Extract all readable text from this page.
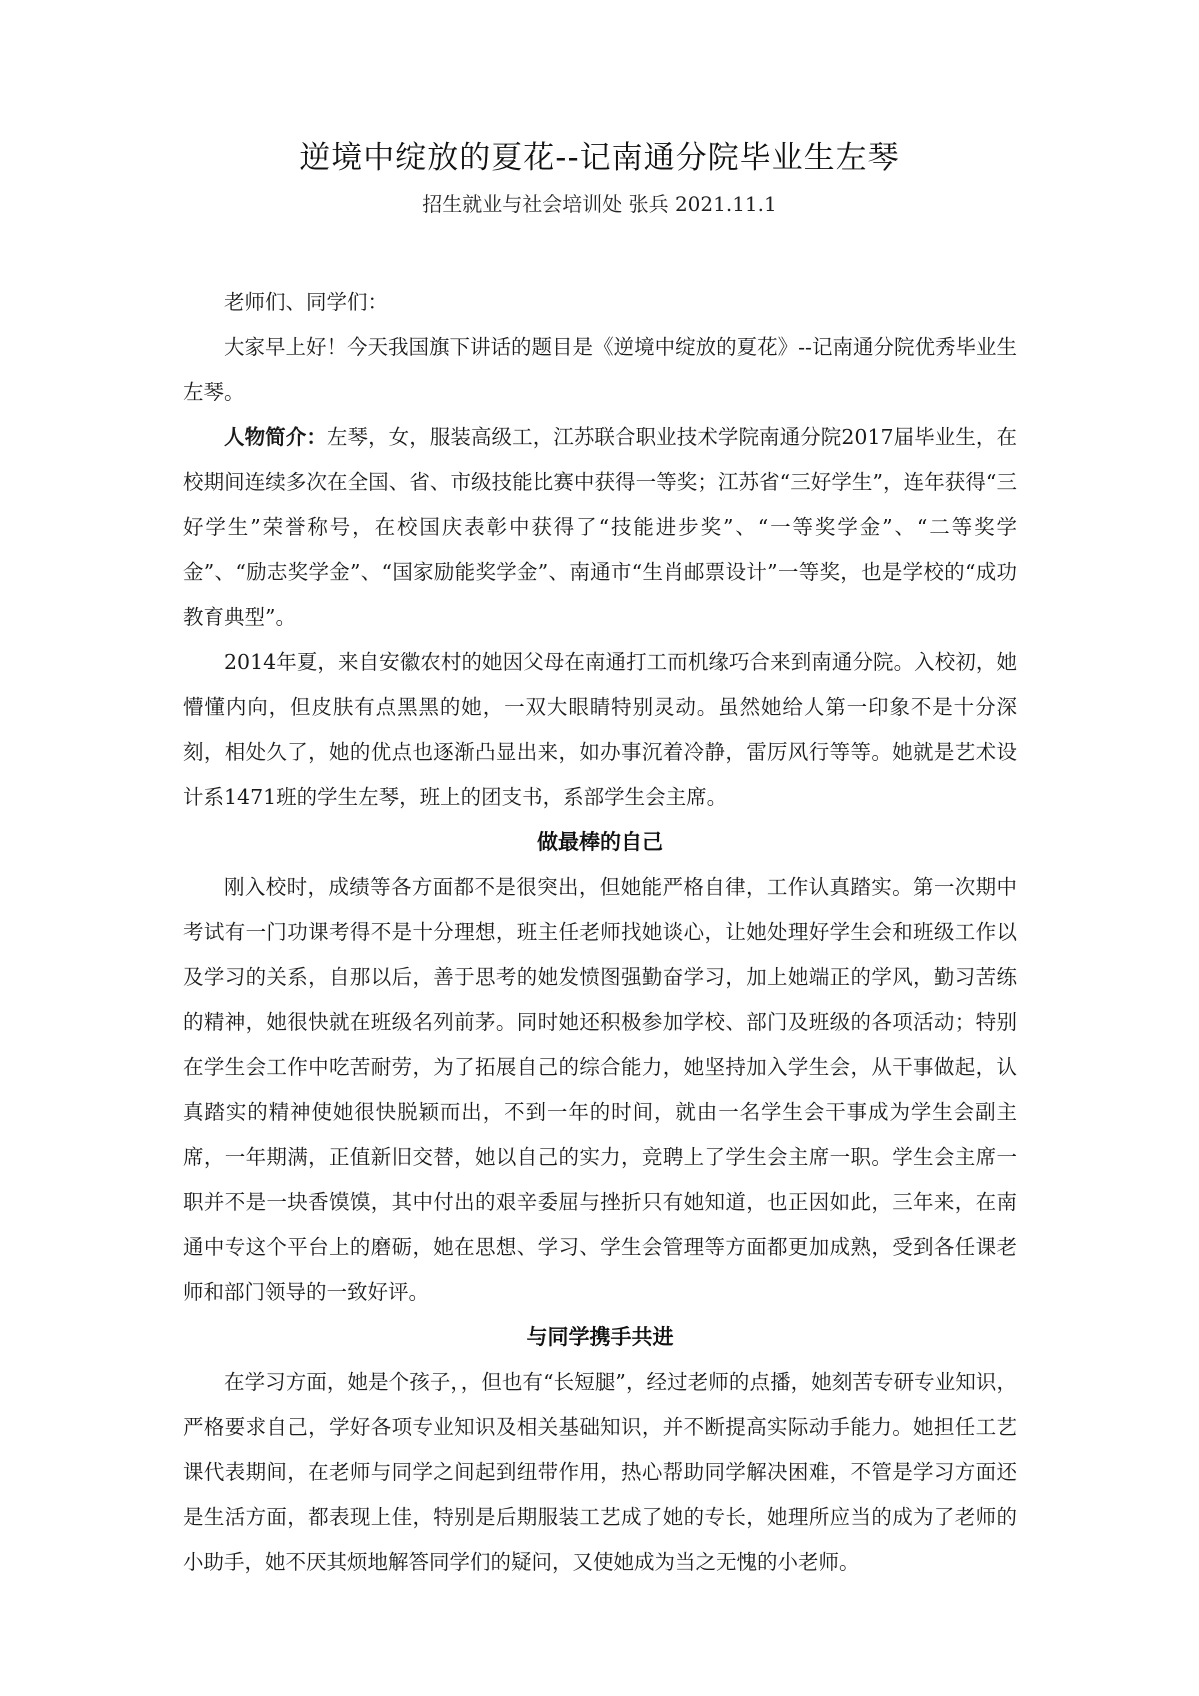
逆境中绽放的夏花--记南通分院毕业生左琴
招生就业与社会培训处 张兵 2021.11.1

老师们、同学们：

大家早上好！今天我国旗下讲话的题目是《逆境中绽放的夏花》--记南通分院优秀毕业生左琴。

人物简介：左琴，女，服装高级工，江苏联合职业技术学院南通分院2017届毕业生，在校期间连续多次在全国、省、市级技能比赛中获得一等奖；江苏省“三好学生”，连年获得“三好学生”荣誉称号，在校国庆表彰中获得了“技能进步奖”、“一等奖学金”、“二等奖学金”、“励志奖学金”、“国家励能奖学金”、南通市“生肖邮票设计”一等奖，也是学校的“成功教育典型”。

2014年夏，来自安徽农村的她因父母在南通打工而机缘巧合来到南通分院。入校初，她懵懂内向，但皮肤有点黑黑的她，一双大眼睛特别灵动。虽然她给人第一印象不是十分深刻，相处久了，她的优点也逐渐凸显出来，如办事沉着冷静，雷厉风行等等。她就是艺术设计系1471班的学生左琴，班上的团支书，系部学生会主席。

做最棒的自己

刚入校时，成绩等各方面都不是很突出，但她能严格自律，工作认真踏实。第一次期中考试有一门功课考得不是十分理想，班主任老师找她谈心，让她处理好学生会和班级工作以及学习的关系，自那以后，善于思考的她发愤图强勤奋学习，加上她端正的学风，勤习苦练的精神，她很快就在班级名列前茅。同时她还积极参加学校、部门及班级的各项活动；特别在学生会工作中吃苦耐劳，为了拓展自己的综合能力，她坚持加入学生会，从干事做起，认真踏实的精神使她很快脱颖而出，不到一年的时间，就由一名学生会干事成为学生会副主席，一年期满，正值新旧交替，她以自己的实力，竞聘上了学生会主席一职。学生会主席一职并不是一块香馍馍，其中付出的艰辛委屈与挫折只有她知道，也正因如此，三年来，在南通中专这个平台上的磨砺，她在思想、学习、学生会管理等方面都更加成熟，受到各任课老师和部门领导的一致好评。

与同学携手共进

在学习方面，她是个孩子，，但也有“长短腿”，经过老师的点播，她刻苦专研专业知识，严格要求自己，学好各项专业知识及相关基础知识，并不断提高实际动手能力。她担任工艺课代表期间，在老师与同学之间起到纽带作用，热心帮助同学解决困难，不管是学习方面还是生活方面，都表现上佳，特别是后期服装工艺成了她的专长，她理所应当的成为了老师的小助手，她不厌其烦地解答同学们的疑问，又使她成为当之无愧的小老师。
